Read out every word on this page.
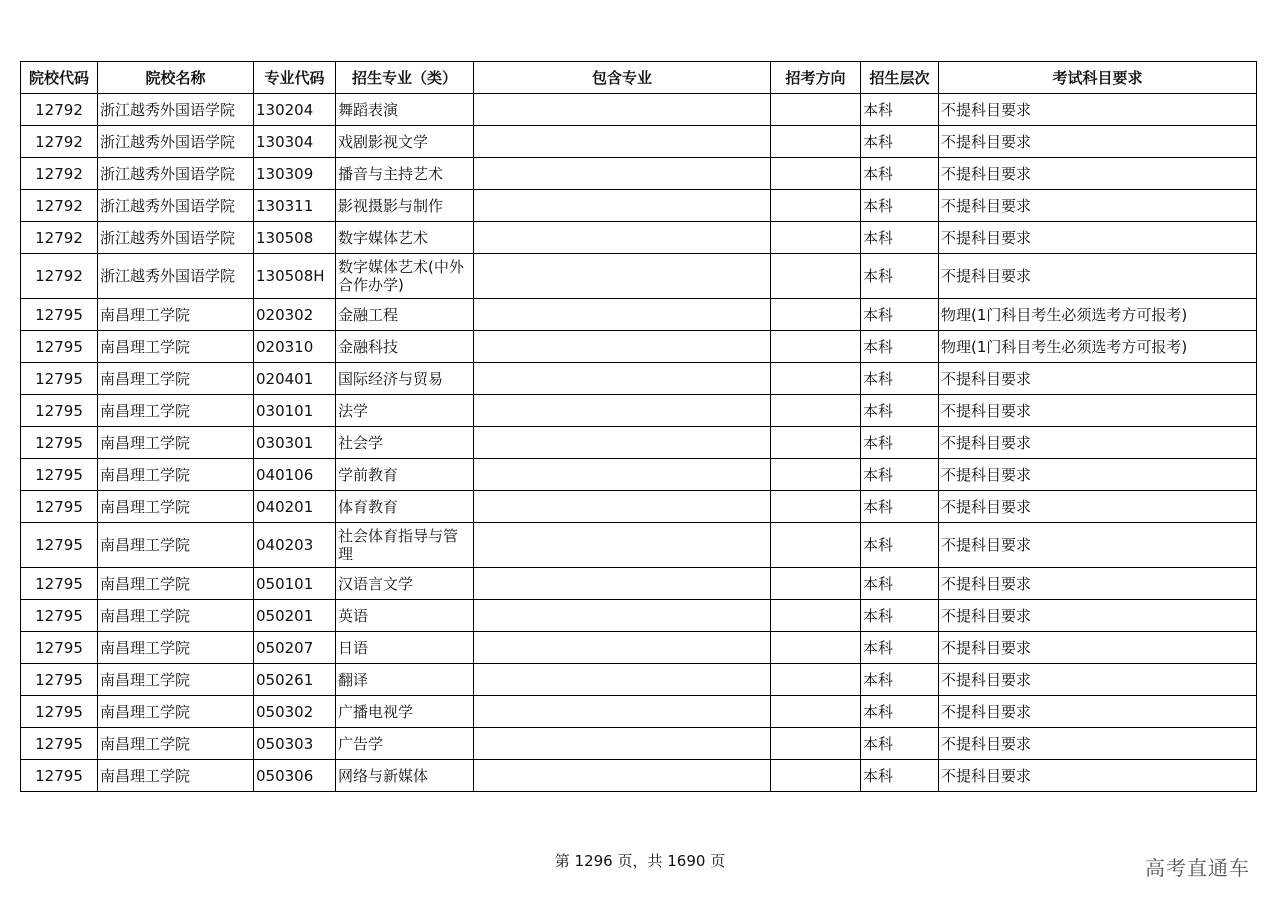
院校代码	院校名称	专业代码	招生专业（类）	包含专业	招考方向	招生层次	考试科目要求
12792	浙江越秀外国语学院	130204	舞蹈表演			本科	不提科目要求
12792	浙江越秀外国语学院	130304	戏剧影视文学			本科	不提科目要求
12792	浙江越秀外国语学院	130309	播音与主持艺术			本科	不提科目要求
12792	浙江越秀外国语学院	130311	影视摄影与制作			本科	不提科目要求
12792	浙江越秀外国语学院	130508	数字媒体艺术			本科	不提科目要求
12792	浙江越秀外国语学院	130508H	数字媒体艺术(中外合作办学)			本科	不提科目要求
12795	南昌理工学院	020302	金融工程			本科	物理(1门科目考生必须选考方可报考)
12795	南昌理工学院	020310	金融科技			本科	物理(1门科目考生必须选考方可报考)
12795	南昌理工学院	020401	国际经济与贸易			本科	不提科目要求
12795	南昌理工学院	030101	法学			本科	不提科目要求
12795	南昌理工学院	030301	社会学			本科	不提科目要求
12795	南昌理工学院	040106	学前教育			本科	不提科目要求
12795	南昌理工学院	040201	体育教育			本科	不提科目要求
12795	南昌理工学院	040203	社会体育指导与管理			本科	不提科目要求
12795	南昌理工学院	050101	汉语言文学			本科	不提科目要求
12795	南昌理工学院	050201	英语			本科	不提科目要求
12795	南昌理工学院	050207	日语			本科	不提科目要求
12795	南昌理工学院	050261	翻译			本科	不提科目要求
12795	南昌理工学院	050302	广播电视学			本科	不提科目要求
12795	南昌理工学院	050303	广告学			本科	不提科目要求
12795	南昌理工学院	050306	网络与新媒体			本科	不提科目要求
第 1296 页，共 1690 页	高考直通车
